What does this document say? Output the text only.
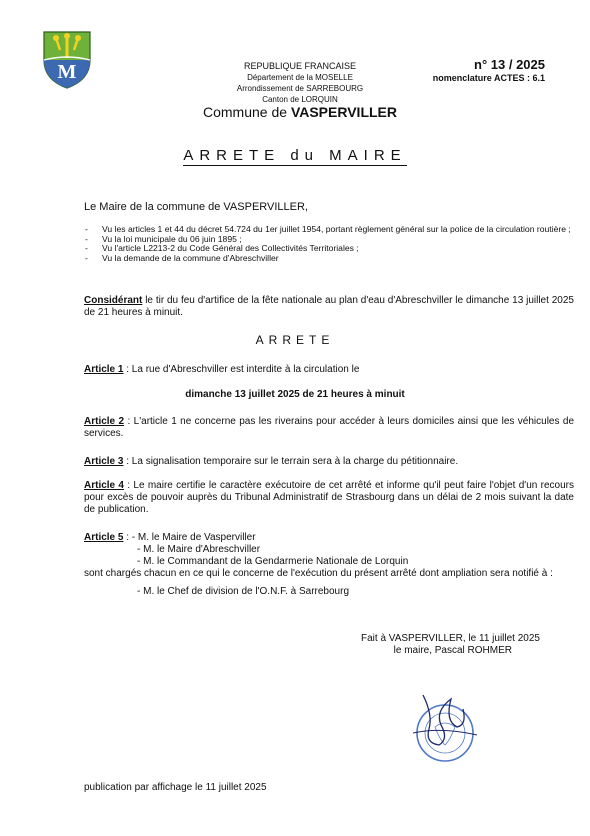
M	REPUBLIQUE FRANCAISE
Département de la MOSELLE
Arrondissement de SARREBOURG
Canton de LORQUIN
Commune de VASPERVILLER
n° 13 / 2025
nomenclature ACTES : 6.1
ARRETE du MAIRE
Le Maire de la commune de VASPERVILLER,
- Vu les articles 1 et 44 du décret 54.724 du 1er juillet 1954, portant règlement général sur la police de la circulation routière ;
- Vu la loi municipale du 06 juin 1895 ;
- Vu l'article L2213-2 du Code Général des Collectivités Territoriales ;
- Vu la demande de la commune d'Abreschviller
Considérant le tir du feu d'artifice de la fête nationale au plan d'eau d'Abreschviller le dimanche 13 juillet 2025 de 21 heures à minuit.
ARRETE
Article 1 : La rue d'Abreschviller est interdite à la circulation le
dimanche 13 juillet 2025 de 21 heures à minuit
Article 2 : L'article 1 ne concerne pas les riverains pour accéder à leurs domiciles ainsi que les véhicules de services.
Article 3 : La signalisation temporaire sur le terrain sera à la charge du pétitionnaire.
Article 4 : Le maire certifie le caractère exécutoire de cet arrêté et informe qu'il peut faire l'objet d'un recours pour excès de pouvoir auprès du Tribunal Administratif de Strasbourg dans un délai de 2 mois suivant la date de publication.
Article 5 : - M. le Maire de Vasperviller
- M. le Maire d'Abreschviller
- M. le Commandant de la Gendarmerie Nationale de Lorquin
sont chargés chacun en ce qui le concerne de l'exécution du présent arrêté dont ampliation sera notifié à :
- M. le Chef de division de l'O.N.F. à Sarrebourg
Fait à VASPERVILLER, le 11 juillet 2025
le maire, Pascal ROHMER
publication par affichage le 11 juillet 2025
